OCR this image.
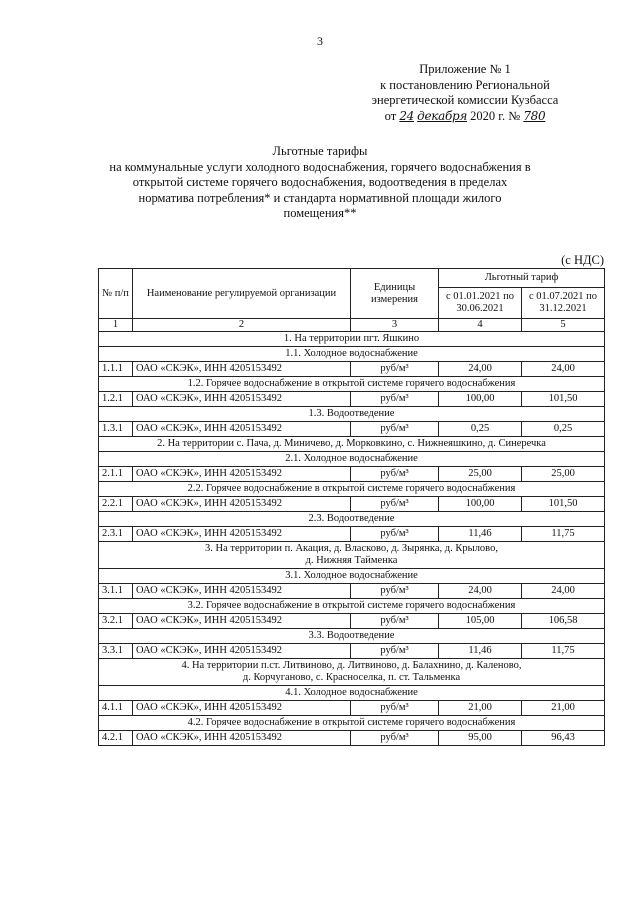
3
Приложение № 1
к постановлению Региональной
энергетической комиссии Кузбасса
от 24 декабря 2020 г. № 780
Льготные тарифы
на коммунальные услуги холодного водоснабжения, горячего водоснабжения в
открытой системе горячего водоснабжения, водоотведения в пределах
норматива потребления* и стандарта нормативной площади жилого
помещения**
(с НДС)
№ п/п	Наименование регулируемой организации	Единицы измерения	Льготный тариф	
			с 01.01.2021 по 30.06.2021	с 01.07.2021 по 31.12.2021
1	2	3	4	5

1. На территории пгт. Яшкино				

1.1. Холодное водоснабжение				
1.1.1	ОАО «СКЭК», ИНН 4205153492	руб/м³	24,00	24,00
1.2. Горячее водоснабжение в открытой системе горячего водоснабжения				
1.2.1	ОАО «СКЭК», ИНН 4205153492	руб/м³	100,00	101,50
1.3. Водоотведение				
1.3.1	ОАО «СКЭК», ИНН 4205153492	руб/м³	0,25	0,25

2. На территории с. Пача, д. Миничево, д. Морковкино, с. Нижнеяшкино, д. Синеречка				

2.1. Холодное водоснабжение				
2.1.1	ОАО «СКЭК», ИНН 4205153492	руб/м³	25,00	25,00
2.2. Горячее водоснабжение в открытой системе горячего водоснабжения				
2.2.1	ОАО «СКЭК», ИНН 4205153492	руб/м³	100,00	101,50
2.3. Водоотведение				
2.3.1	ОАО «СКЭК», ИНН 4205153492	руб/м³	11,46	11,75

3. На территории п. Акация, д. Власково, д. Зырянка, д. Крылово,
д. Нижняя Тайменка				

3.1. Холодное водоснабжение				
3.1.1	ОАО «СКЭК», ИНН 4205153492	руб/м³	24,00	24,00
3.2. Горячее водоснабжение в открытой системе горячего водоснабжения				
3.2.1	ОАО «СКЭК», ИНН 4205153492	руб/м³	105,00	106,58
3.3. Водоотведение				
3.3.1	ОАО «СКЭК», ИНН 4205153492	руб/м³	11,46	11,75

4. На территории п.ст. Литвиново, д. Литвиново, д. Балахнино, д. Каленово,
д. Корчуганово, с. Красноселка, п. ст. Тальменка				

4.1. Холодное водоснабжение				
4.1.1	ОАО «СКЭК», ИНН 4205153492	руб/м³	21,00	21,00
4.2. Горячее водоснабжение в открытой системе горячего водоснабжения				
4.2.1	ОАО «СКЭК», ИНН 4205153492	руб/м³	95,00	96,43
